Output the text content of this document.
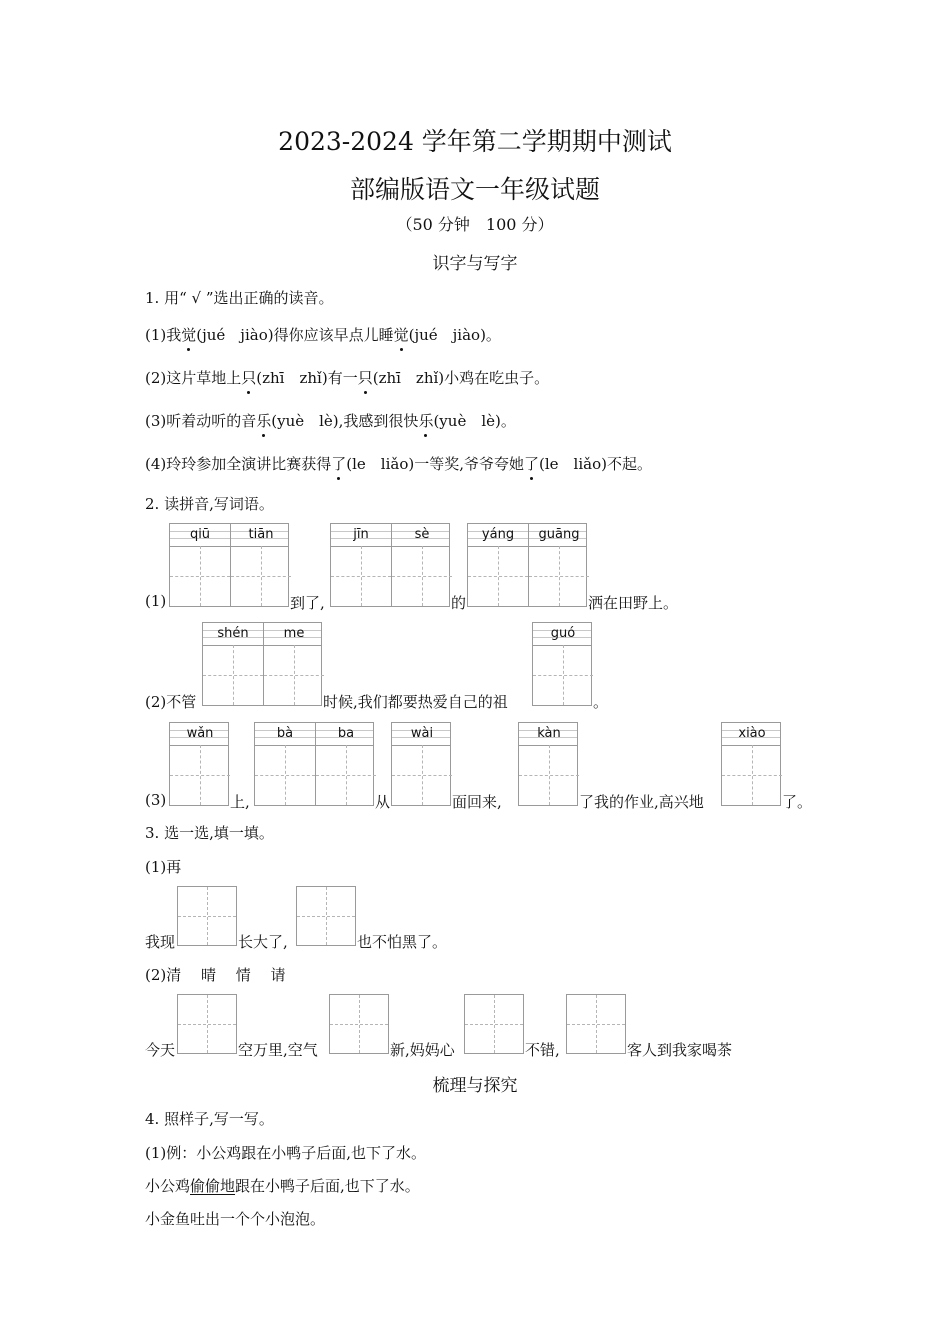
2023-2024 学年第二学期期中测试
部编版语文一年级试题
（50 分钟　100 分）
识字与写字
1. 用“ √ ”选出正确的读音。
(1)我觉(jué　jiào)得你应该早点儿睡觉(jué　jiào)。
(2)这片草地上只(zhī　zhǐ)有一只(zhī　zhǐ)小鸡在吃虫子。
(3)听着动听的音乐(yuè　lè),我感到很快乐(yuè　lè)。
(4)玲玲参加全演讲比赛获得了(le　liǎo)一等奖,爷爷夸她了(le　liǎo)不起。
2. 读拼音,写词语。
qiū	tiān	jīn	sè	yáng	guāng
(1)	到了,	的	洒在田野上。
shén	me	guó
(2)不管	时候,我们都要热爱自己的祖	。
wǎn	bà	ba	wài	kàn	xiào
(3)	上,	从	面回来,	了我的作业,高兴地	了。
3. 选一选,填一填。
(1)再
我现	长大了,	也不怕黑了。
(2)清　 晴　 情　 请
今天	空万里,空气	新,妈妈心	不错,	客人到我家喝茶
梳理与探究
4. 照样子,写一写。
(1)例：小公鸡跟在小鸭子后面,也下了水。
小公鸡偷偷地跟在小鸭子后面,也下了水。
小金鱼吐出一个个小泡泡。
